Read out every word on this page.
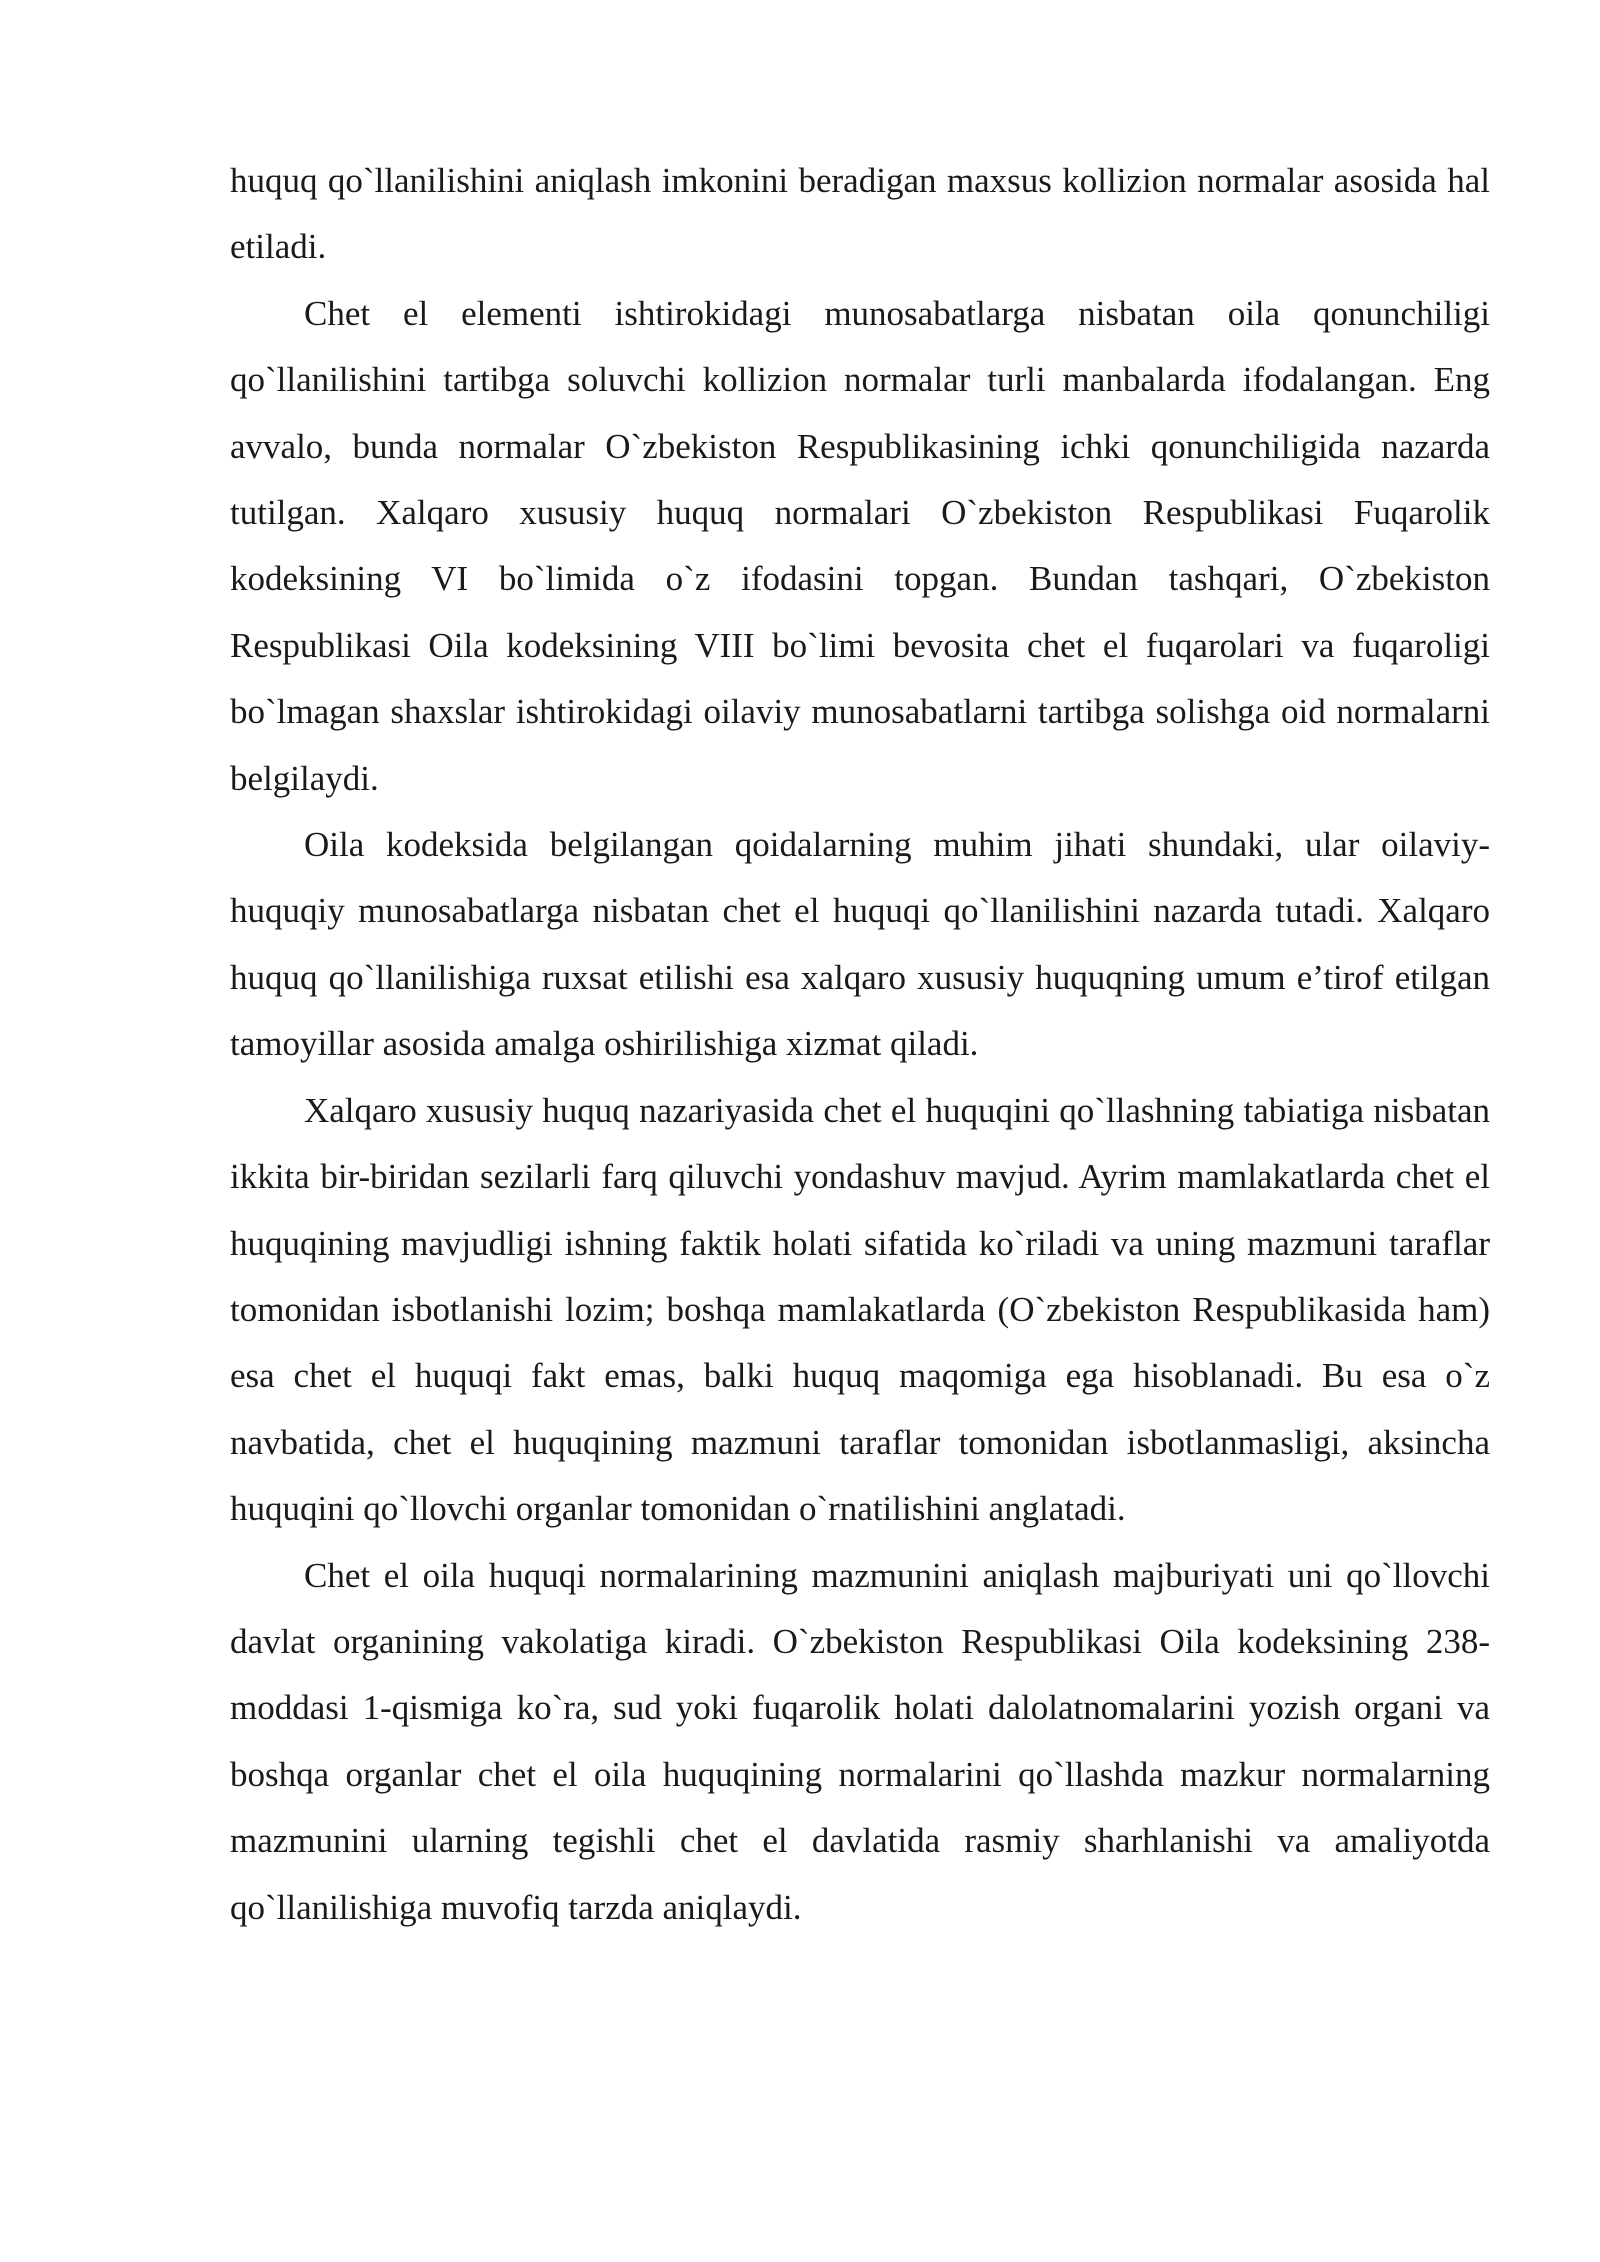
huquq qo`llanilishini aniqlash imkonini beradigan maxsus kollizion normalar asosida hal etiladi.

Chet el elementi ishtirokidagi munosabatlarga nisbatan oila qonunchiligi qo`llanilishini tartibga soluvchi kollizion normalar turli manbalarda ifodalangan. Eng avvalo, bunda normalar O`zbekiston Respublikasining ichki qonunchiligida nazarda tutilgan. Xalqaro xususiy huquq normalari O`zbekiston Respublikasi Fuqarolik kodeksining VI bo`limida o`z ifodasini topgan. Bundan tashqari, O`zbekiston Respublikasi Oila kodeksining VIII bo`limi bevosita chet el fuqarolari va fuqaroligi bo`lmagan shaxslar ishtirokidagi oilaviy munosabatlarni tartibga solishga oid normalarni belgilaydi.

Oila kodeksida belgilangan qoidalarning muhim jihati shundaki, ular oilaviy-huquqiy munosabatlarga nisbatan chet el huquqi qo`llanilishini nazarda tutadi. Xalqaro huquq qo`llanilishiga ruxsat etilishi esa xalqaro xususiy huquqning umum e’tirof etilgan tamoyillar asosida amalga oshirilishiga xizmat qiladi.

Xalqaro xususiy huquq nazariyasida chet el huquqini qo`llashning tabiatiga nisbatan ikkita bir-biridan sezilarli farq qiluvchi yondashuv mavjud. Ayrim mamlakatlarda chet el huquqining mavjudligi ishning faktik holati sifatida ko`riladi va uning mazmuni taraflar tomonidan isbotlanishi lozim; boshqa mamlakatlarda (O`zbekiston Respublikasida ham) esa chet el huquqi fakt emas, balki huquq maqomiga ega hisoblanadi. Bu esa o`z navbatida, chet el huquqining mazmuni taraflar tomonidan isbotlanmasligi, aksincha huquqini qo`llovchi organlar tomonidan o`rnatilishini anglatadi.

Chet el oila huquqi normalarining mazmunini aniqlash majburiyati uni qo`llovchi davlat organining vakolatiga kiradi. O`zbekiston Respublikasi Oila kodeksining 238-moddasi 1-qismiga ko`ra, sud yoki fuqarolik holati dalolatnomalarini yozish organi va boshqa organlar chet el oila huquqining normalarini qo`llashda mazkur normalarning mazmunini ularning tegishli chet el davlatida rasmiy sharhlanishi va amaliyotda qo`llanilishiga muvofiq tarzda aniqlaydi.
